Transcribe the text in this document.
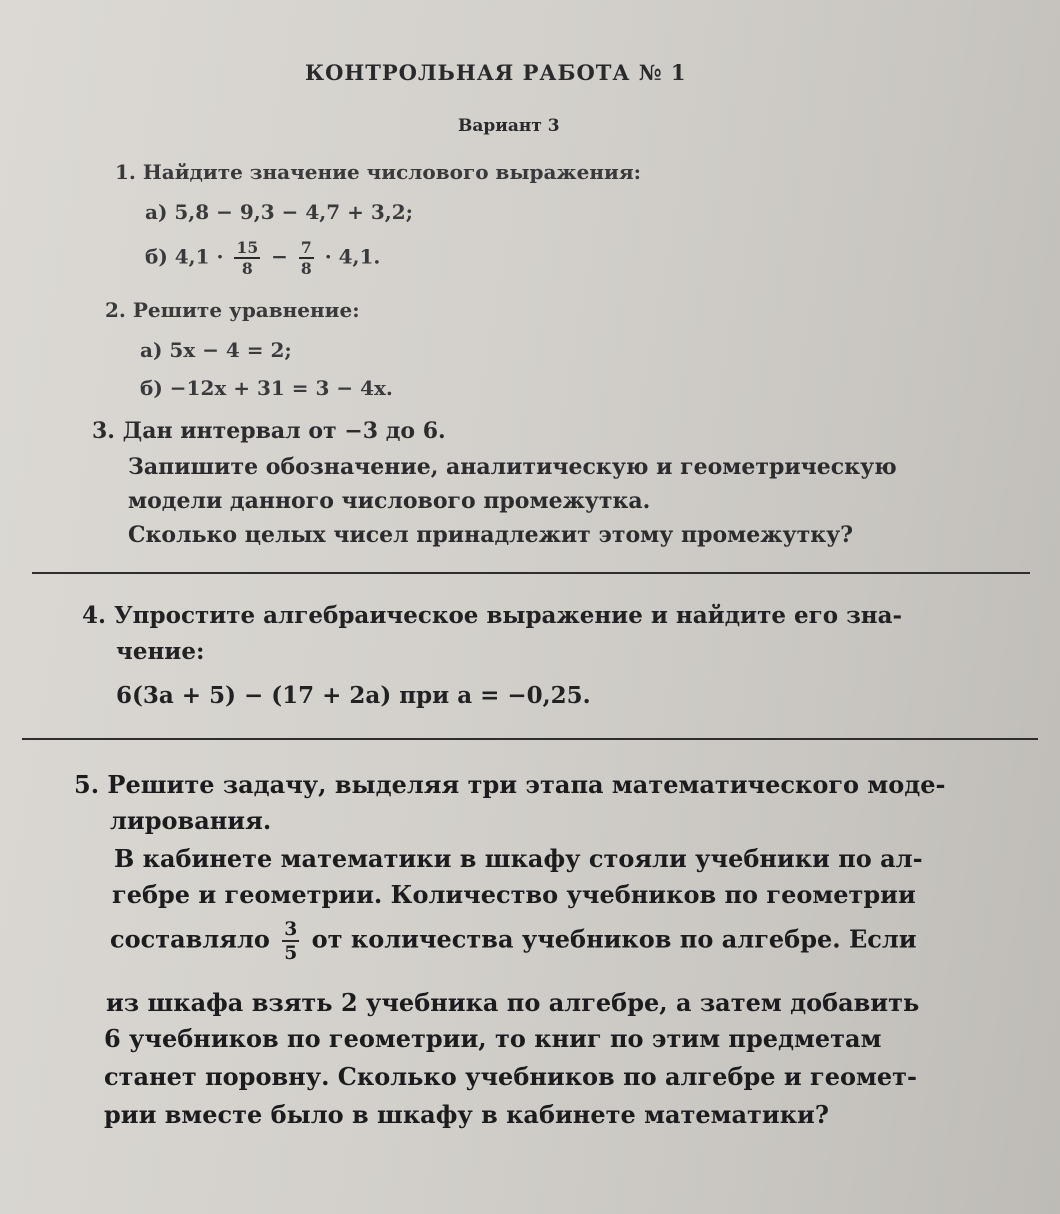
КОНТРОЛЬНАЯ РАБОТА № 1
Вариант 3
1. Найдите значение числового выражения:
а) 5,8 − 9,3 − 4,7 + 3,2;
б) $4,1 \cdot \frac{15}{8} - \frac{7}{8} \cdot 4,1$.
2. Решите уравнение:
а) 5x − 4 = 2;
б) −12x + 31 = 3 − 4x.
3. Дан интервал от −3 до 6.
Запишите обозначение, аналитическую и геометрическую
модели данного числового промежутка.
Сколько целых чисел принадлежит этому промежутку?
4. Упростите алгебраическое выражение и найдите его зна-
чение:
6(3a + 5) − (17 + 2a) при a = −0,25.
5. Решите задачу, выделяя три этапа математического моде-
лирования.
В кабинете математики в шкафу стояли учебники по ал-
гебре и геометрии. Количество учебников по геометрии
составляло $\frac{3}{5}$ от количества учебников по алгебре. Если
из шкафа взять 2 учебника по алгебре, а затем добавить
6 учебников по геометрии, то книг по этим предметам
станет поровну. Сколько учебников по алгебре и геомет-
рии вместе было в шкафу в кабинете математики?
